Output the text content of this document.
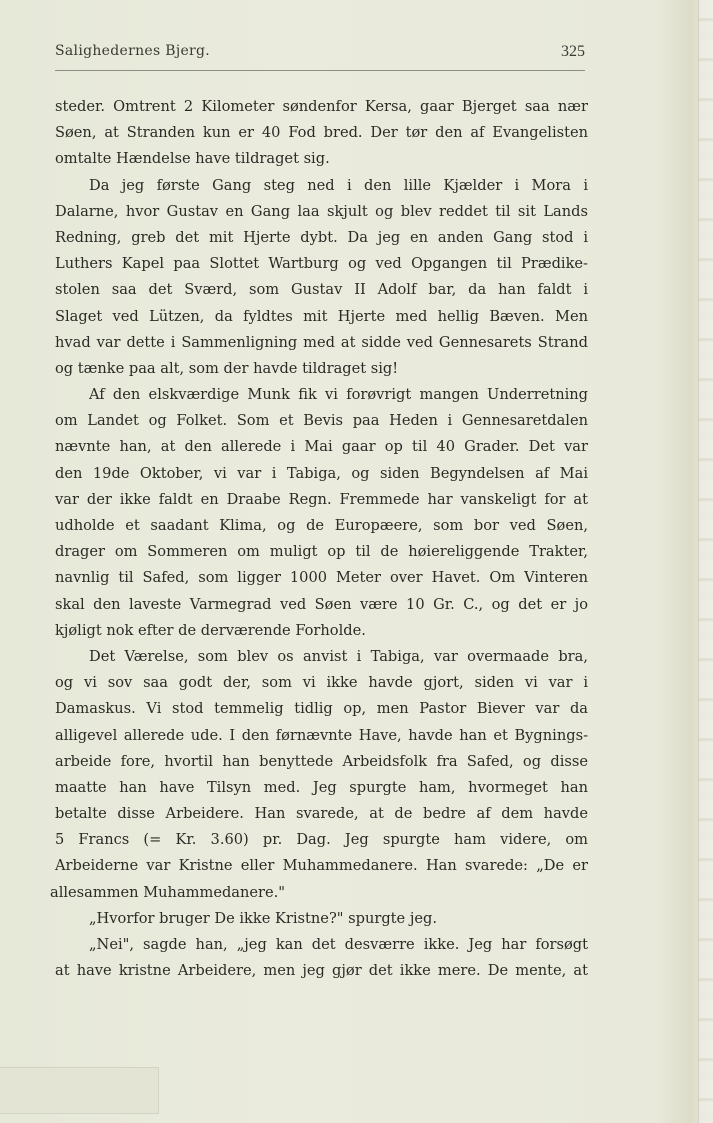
Salighedernes Bjerg.	325
steder. Omtrent 2 Kilometer søndenfor Kersa, gaar Bjerget saa nær
Søen, at Stranden kun er 40 Fod bred. Der tør den af Evangelisten
omtalte Hændelse have tildraget sig.
Da jeg første Gang steg ned i den lille Kjælder i Mora i
Dalarne, hvor Gustav en Gang laa skjult og blev reddet til sit Lands
Redning, greb det mit Hjerte dybt. Da jeg en anden Gang stod i
Luthers Kapel paa Slottet Wartburg og ved Opgangen til Prædike-
stolen saa det Sværd, som Gustav II Adolf bar, da han faldt i
Slaget ved Lützen, da fyldtes mit Hjerte med hellig Bæven. Men
hvad var dette i Sammenligning med at sidde ved Gennesarets Strand
og tænke paa alt, som der havde tildraget sig!
Af den elskværdige Munk fik vi forøvrigt mangen Underretning
om Landet og Folket. Som et Bevis paa Heden i Gennesaretdalen
nævnte han, at den allerede i Mai gaar op til 40 Grader. Det var
den 19de Oktober, vi var i Tabiga, og siden Begyndelsen af Mai
var der ikke faldt en Draabe Regn. Fremmede har vanskeligt for at
udholde et saadant Klima, og de Europæere, som bor ved Søen,
drager om Sommeren om muligt op til de høiereliggende Trakter,
navnlig til Safed, som ligger 1000 Meter over Havet. Om Vinteren
skal den laveste Varmegrad ved Søen være 10 Gr. C., og det er jo
kjøligt nok efter de derværende Forholde.
Det Værelse, som blev os anvist i Tabiga, var overmaade bra,
og vi sov saa godt der, som vi ikke havde gjort, siden vi var i
Damaskus. Vi stod temmelig tidlig op, men Pastor Biever var da
alligevel allerede ude. I den førnævnte Have, havde han et Bygnings-
arbeide fore, hvortil han benyttede Arbeidsfolk fra Safed, og disse
maatte han have Tilsyn med. Jeg spurgte ham, hvormeget han
betalte disse Arbeidere. Han svarede, at de bedre af dem havde
5 Francs (= Kr. 3.60) pr. Dag. Jeg spurgte ham videre, om
Arbeiderne var Kristne eller Muhammedanere. Han svarede: „De er
allesammen Muhammedanere."
„Hvorfor bruger De ikke Kristne?" spurgte jeg.
„Nei", sagde han, „jeg kan det desværre ikke. Jeg har forsøgt
at have kristne Arbeidere, men jeg gjør det ikke mere. De mente, at
